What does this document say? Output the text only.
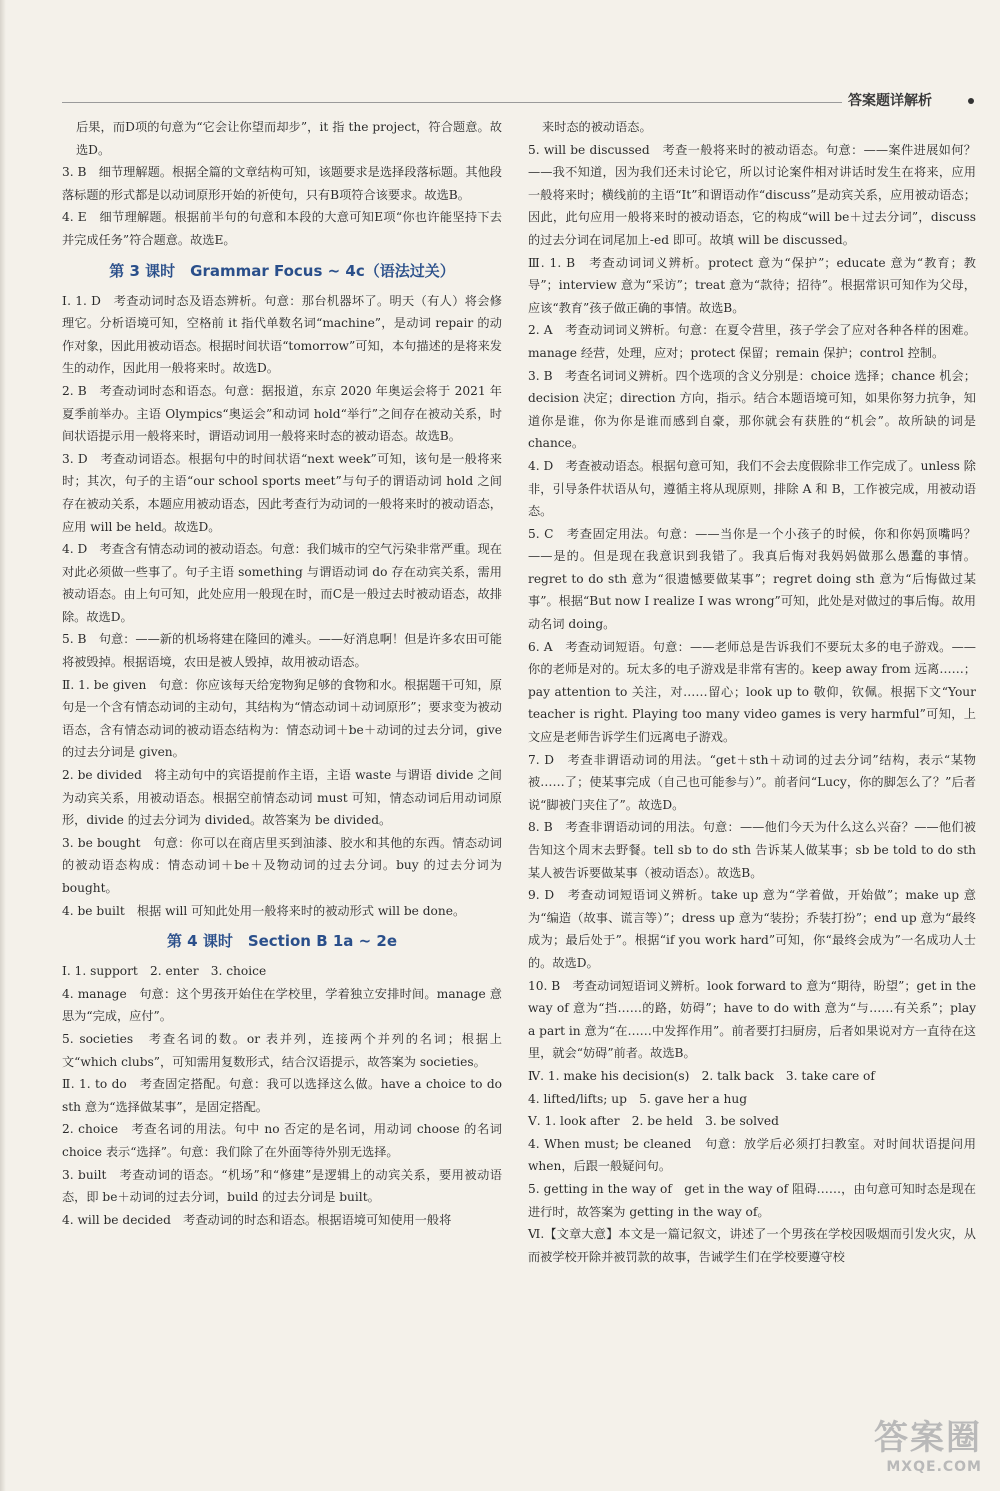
答案题详解析

后果，而D项的句意为“它会让你望而却步”，it 指 the project，符合题意。故选D。

3. B　细节理解题。根据全篇的文章结构可知，该题要求是选择段落标题。其他段落标题的形式都是以动词原形开始的祈使句，只有B项符合该要求。故选B。

4. E　细节理解题。根据前半句的句意和本段的大意可知E项“你也许能坚持下去并完成任务”符合题意。故选E。

第 3 课时　Grammar Focus ~ 4c（语法过关）

Ⅰ. 1. D　考查动词时态及语态辨析。句意：那台机器坏了。明天（有人）将会修理它。分析语境可知，空格前 it 指代单数名词“machine”，是动词 repair 的动作对象，因此用被动语态。根据时间状语“tomorrow”可知，本句描述的是将来发生的动作，因此用一般将来时。故选D。

2. B　考查动词时态和语态。句意：据报道，东京 2020 年奥运会将于 2021 年夏季前举办。主语 Olympics“奥运会”和动词 hold“举行”之间存在被动关系，时间状语提示用一般将来时，谓语动词用一般将来时态的被动语态。故选B。

3. D　考查动词语态。根据句中的时间状语“next week”可知，该句是一般将来时；其次，句子的主语“our school sports meet”与句子的谓语动词 hold 之间存在被动关系，本题应用被动语态，因此考查行为动词的一般将来时的被动语态，应用 will be held。故选D。

4. D　考查含有情态动词的被动语态。句意：我们城市的空气污染非常严重。现在对此必须做一些事了。句子主语 something 与谓语动词 do 存在动宾关系，需用被动语态。由上句可知，此处应用一般现在时，而C是一般过去时被动语态，故排除。故选D。

5. B　句意：——新的机场将建在隆回的滩头。——好消息啊！但是许多农田可能将被毁掉。根据语境，农田是被人毁掉，故用被动语态。

Ⅱ. 1. be given　句意：你应该每天给宠物狗足够的食物和水。根据题干可知，原句是一个含有情态动词的主动句，其结构为“情态动词＋动词原形”；要求变为被动语态，含有情态动词的被动语态结构为：情态动词＋be＋动词的过去分词，give 的过去分词是 given。

2. be divided　将主动句中的宾语提前作主语，主语 waste 与谓语 divide 之间为动宾关系，用被动语态。根据空前情态动词 must 可知，情态动词后用动词原形，divide 的过去分词为 divided。故答案为 be divided。

3. be bought　句意：你可以在商店里买到油漆、胶水和其他的东西。情态动词的被动语态构成：情态动词＋be＋及物动词的过去分词。buy 的过去分词为 bought。

4. be built　根据 will 可知此处用一般将来时的被动形式 will be done。

第 4 课时　Section B 1a ~ 2e

Ⅰ. 1. support　2. enter　3. choice

4. manage　句意：这个男孩开始住在学校里，学着独立安排时间。manage 意思为“完成，应付”。

5. societies　考查名词的数。or 表并列，连接两个并列的名词；根据上文“which clubs”，可知需用复数形式，结合汉语提示，故答案为 societies。

Ⅱ. 1. to do　考查固定搭配。句意：我可以选择这么做。have a choice to do sth 意为“选择做某事”，是固定搭配。

2. choice　考查名词的用法。句中 no 否定的是名词，用动词 choose 的名词 choice 表示“选择”。句意：我们除了在外面等待外别无选择。

3. built　考查动词的语态。“机场”和“修建”是逻辑上的动宾关系，要用被动语态，即 be＋动词的过去分词，build 的过去分词是 built。

4. will be decided　考查动词的时态和语态。根据语境可知使用一般将

来时态的被动语态。

5. will be discussed　考查一般将来时的被动语态。句意：——案件进展如何？——我不知道，因为我们还未讨论它，所以讨论案件相对讲话时发生在将来，应用一般将来时；横线前的主语“It”和谓语动作“discuss”是动宾关系，应用被动语态；因此，此句应用一般将来时的被动语态，它的构成“will be＋过去分词”，discuss 的过去分词在词尾加上-ed 即可。故填 will be discussed。

Ⅲ. 1. B　考查动词词义辨析。protect 意为“保护”；educate 意为“教育；教导”；interview 意为“采访”；treat 意为“款待；招待”。根据常识可知作为父母，应该“教育”孩子做正确的事情。故选B。

2. A　考查动词词义辨析。句意：在夏令营里，孩子学会了应对各种各样的困难。manage 经营，处理，应对；protect 保留；remain 保护；control 控制。

3. B　考查名词词义辨析。四个选项的含义分别是：choice 选择；chance 机会；decision 决定；direction 方向，指示。结合本题语境可知，如果你努力抗争，知道你是谁，你为你是谁而感到自豪，那你就会有获胜的“机会”。故所缺的词是 chance。

4. D　考查被动语态。根据句意可知，我们不会去度假除非工作完成了。unless 除非，引导条件状语从句，遵循主将从现原则，排除 A 和 B，工作被完成，用被动语态。

5. C　考查固定用法。句意：——当你是一个小孩子的时候，你和你妈顶嘴吗？——是的。但是现在我意识到我错了。我真后悔对我妈妈做那么愚蠢的事情。regret to do sth 意为“很遗憾要做某事”；regret doing sth 意为“后悔做过某事”。根据“But now I realize I was wrong”可知，此处是对做过的事后悔。故用动名词 doing。

6. A　考查动词短语。句意：——老师总是告诉我们不要玩太多的电子游戏。——你的老师是对的。玩太多的电子游戏是非常有害的。keep away from 远离……；pay attention to 关注，对……留心；look up to 敬仰，钦佩。根据下文“Your teacher is right. Playing too many video games is very harmful”可知，上文应是老师告诉学生们远离电子游戏。

7. D　考查非谓语动词的用法。“get＋sth＋动词的过去分词”结构，表示“某物被……了；使某事完成（自己也可能参与）”。前者问“Lucy，你的脚怎么了？”后者说“脚被门夹住了”。故选D。

8. B　考查非谓语动词的用法。句意：——他们今天为什么这么兴奋？——他们被告知这个周末去野餐。tell sb to do sth 告诉某人做某事；sb be told to do sth 某人被告诉要做某事（被动语态）。故选B。

9. D　考查动词短语词义辨析。take up 意为“学着做，开始做”；make up 意为“编造（故事、谎言等）”；dress up 意为“装扮；乔装打扮”；end up 意为“最终成为；最后处于”。根据“if you work hard”可知，你“最终会成为”一名成功人士的。故选D。

10. B　考查动词短语词义辨析。look forward to 意为“期待，盼望”；get in the way of 意为“挡……的路，妨碍”；have to do with 意为“与……有关系”；play a part in 意为“在……中发挥作用”。前者要打扫厨房，后者如果说对方一直待在这里，就会“妨碍”前者。故选B。

Ⅳ. 1. make his decision(s)　2. talk back　3. take care of

4. lifted/lifts; up　5. gave her a hug

Ⅴ. 1. look after　2. be held　3. be solved

4. When must; be cleaned　句意：放学后必须打扫教室。对时间状语提问用 when，后跟一般疑问句。

5. getting in the way of　get in the way of 阻碍……，由句意可知时态是现在进行时，故答案为 getting in the way of。

Ⅵ.【文章大意】本文是一篇记叙文，讲述了一个男孩在学校因吸烟而引发火灾，从而被学校开除并被罚款的故事，告诫学生们在学校要遵守校

答案圈
MXQE.COM
